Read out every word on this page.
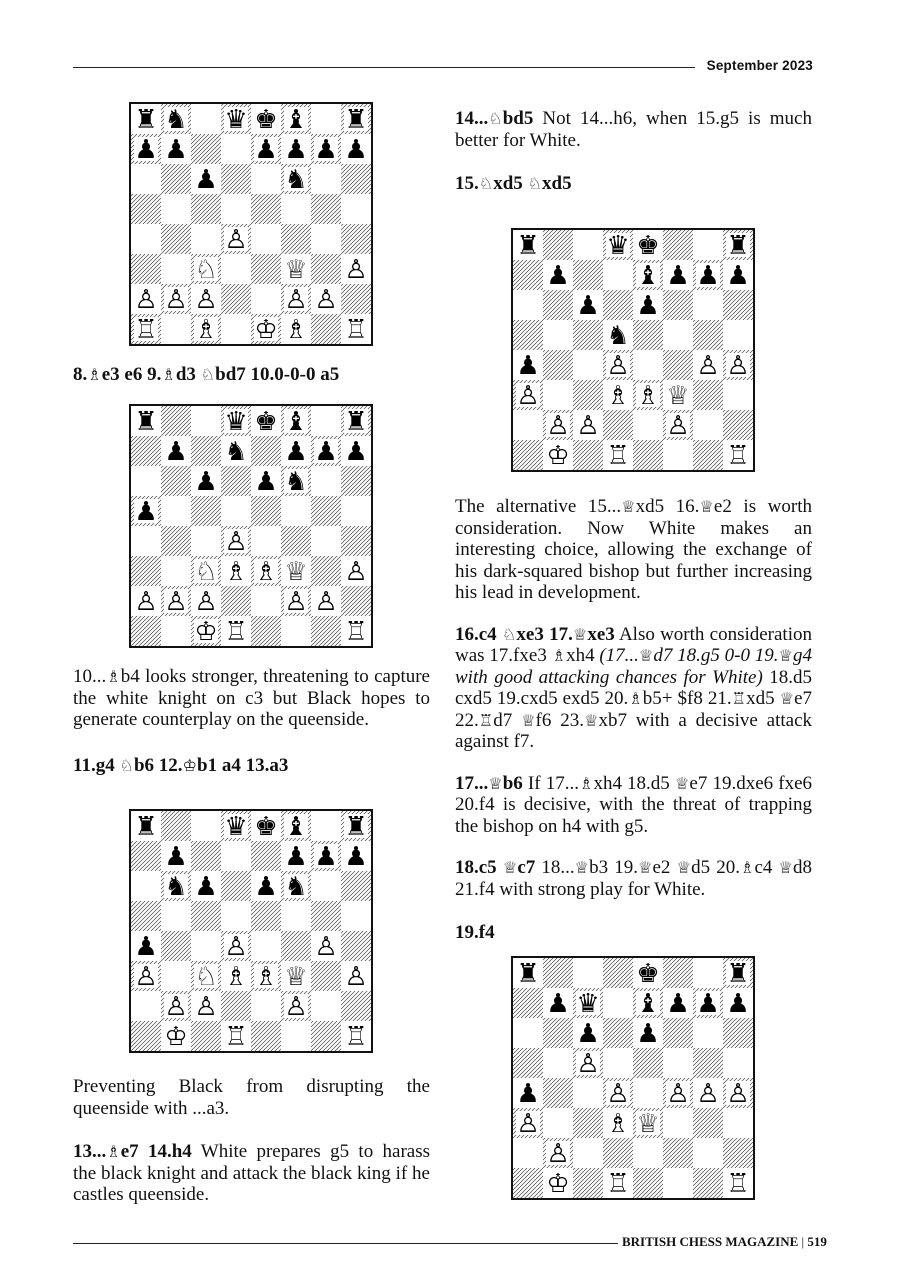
September 2023
♜ ♞ ♛ ♚ ♝ ♜
♟ ♟	♟ ♟ ♟ ♟
♟	♞
♙
♘	♕ ♙
♙ ♙ ♙	♙ ♙
♖ ♗ ♔ ♗ ♖
♜	♛ ♚ ♝ ♜
♟ ♞ ♟ ♟ ♟
♟ ♟ ♞
♟
♙
♘ ♗ ♗ ♕ ♙
♙ ♙ ♙	♙ ♙
♔ ♖	♖
♜	♛ ♚ ♝ ♜
♟	♟ ♟ ♟
♞ ♟ ♟ ♞
♟	♙	♙
♙ ♘ ♗ ♗ ♕ ♙
♙ ♙	♙
♔ ♖	♖
♜	♛ ♚	♜
♟	♝ ♟ ♟ ♟
♟ ♟
♞
♟	♙	♙ ♙
♙	♗ ♗ ♕
♙ ♙	♙
♔ ♖	♖
♜	♚	♜
♟ ♛ ♝ ♟ ♟ ♟
♟ ♟
♙
♟	♙ ♙ ♙ ♙
♙	♗ ♕
♙
♔ ♖	♖

8.♗e3 e6 9.♗d3 ♘bd7 10.0-0-0 a5

10...♗b4 looks stronger, threatening to capture the white knight on c3 but Black hopes to generate counterplay on the queenside.

11.g4 ♘b6 12.♔b1 a4 13.a3

Preventing Black from disrupting the queenside with ...a3.

13...♗e7 14.h4 White prepares g5 to harass the black knight and attack the black king if he castles queenside.

14...♘bd5 Not 14...h6, when 15.g5 is much better for White.

15.♘xd5 ♘xd5

The alternative 15...♕xd5 16.♕e2 is worth consideration. Now White makes an interesting choice, allowing the exchange of his dark-squared bishop but further increasing his lead in development.

16.c4 ♘xe3 17.♕xe3 Also worth consideration was 17.fxe3 ♗xh4 (17...♕d7 18.g5 0-0 19.♕g4 with good attacking chances for White) 18.d5 cxd5 19.cxd5 exd5 20.♗b5+ $f8 21.♖xd5 ♕e7 22.♖d7 ♕f6 23.♕xb7 with a decisive attack against f7.

17...♕b6 If 17...♗xh4 18.d5 ♕e7 19.dxe6 fxe6 20.f4 is decisive, with the threat of trapping the bishop on h4 with g5.

18.c5 ♕c7 18...♕b3 19.♕e2 ♕d5 20.♗c4 ♕d8 21.f4 with strong play for White.

19.f4

BRITISH CHESS MAGAZINE | 519
